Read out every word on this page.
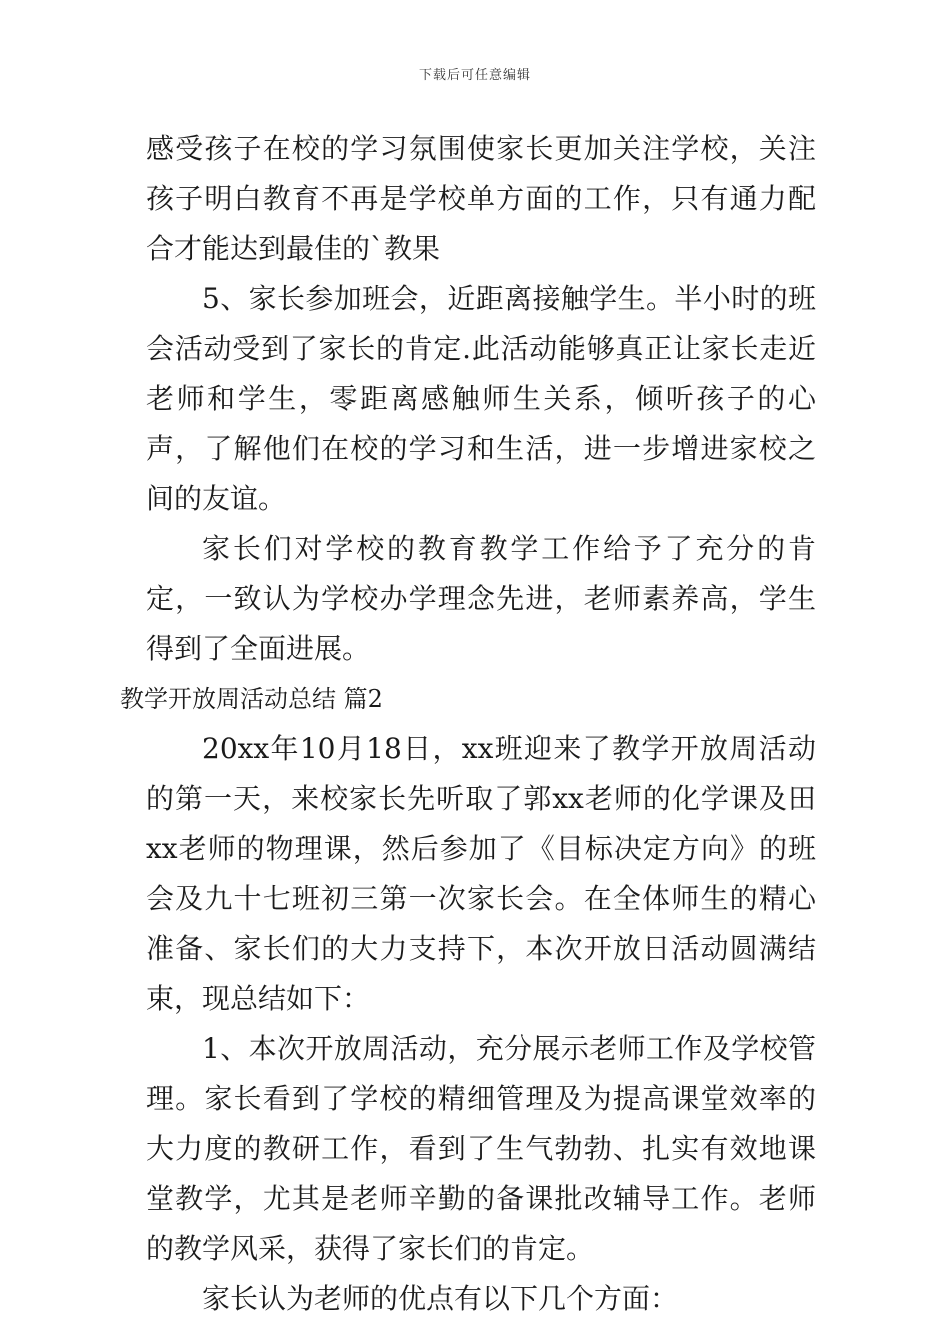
下载后可任意编辑

感受孩子在校的学习氛围使家长更加关注学校，关注孩子明白教育不再是学校单方面的工作，只有通力配合才能达到最佳的`教果

5、家长参加班会，近距离接触学生。半小时的班会活动受到了家长的肯定.此活动能够真正让家长走近老师和学生，零距离感触师生关系，倾听孩子的心声，了解他们在校的学习和生活，进一步增进家校之间的友谊。

家长们对学校的教育教学工作给予了充分的肯定，一致认为学校办学理念先进，老师素养高，学生得到了全面进展。

教学开放周活动总结 篇2

20xx年10月18日，xx班迎来了教学开放周活动的第一天，来校家长先听取了郭xx老师的化学课及田xx老师的物理课，然后参加了《目标决定方向》的班会及九十七班初三第一次家长会。在全体师生的精心准备、家长们的大力支持下，本次开放日活动圆满结束，现总结如下：

1、本次开放周活动，充分展示老师工作及学校管理。家长看到了学校的精细管理及为提高课堂效率的大力度的教研工作，看到了生气勃勃、扎实有效地课堂教学，尤其是老师辛勤的备课批改辅导工作。老师的教学风采，获得了家长们的肯定。

家长认为老师的优点有以下几个方面：
